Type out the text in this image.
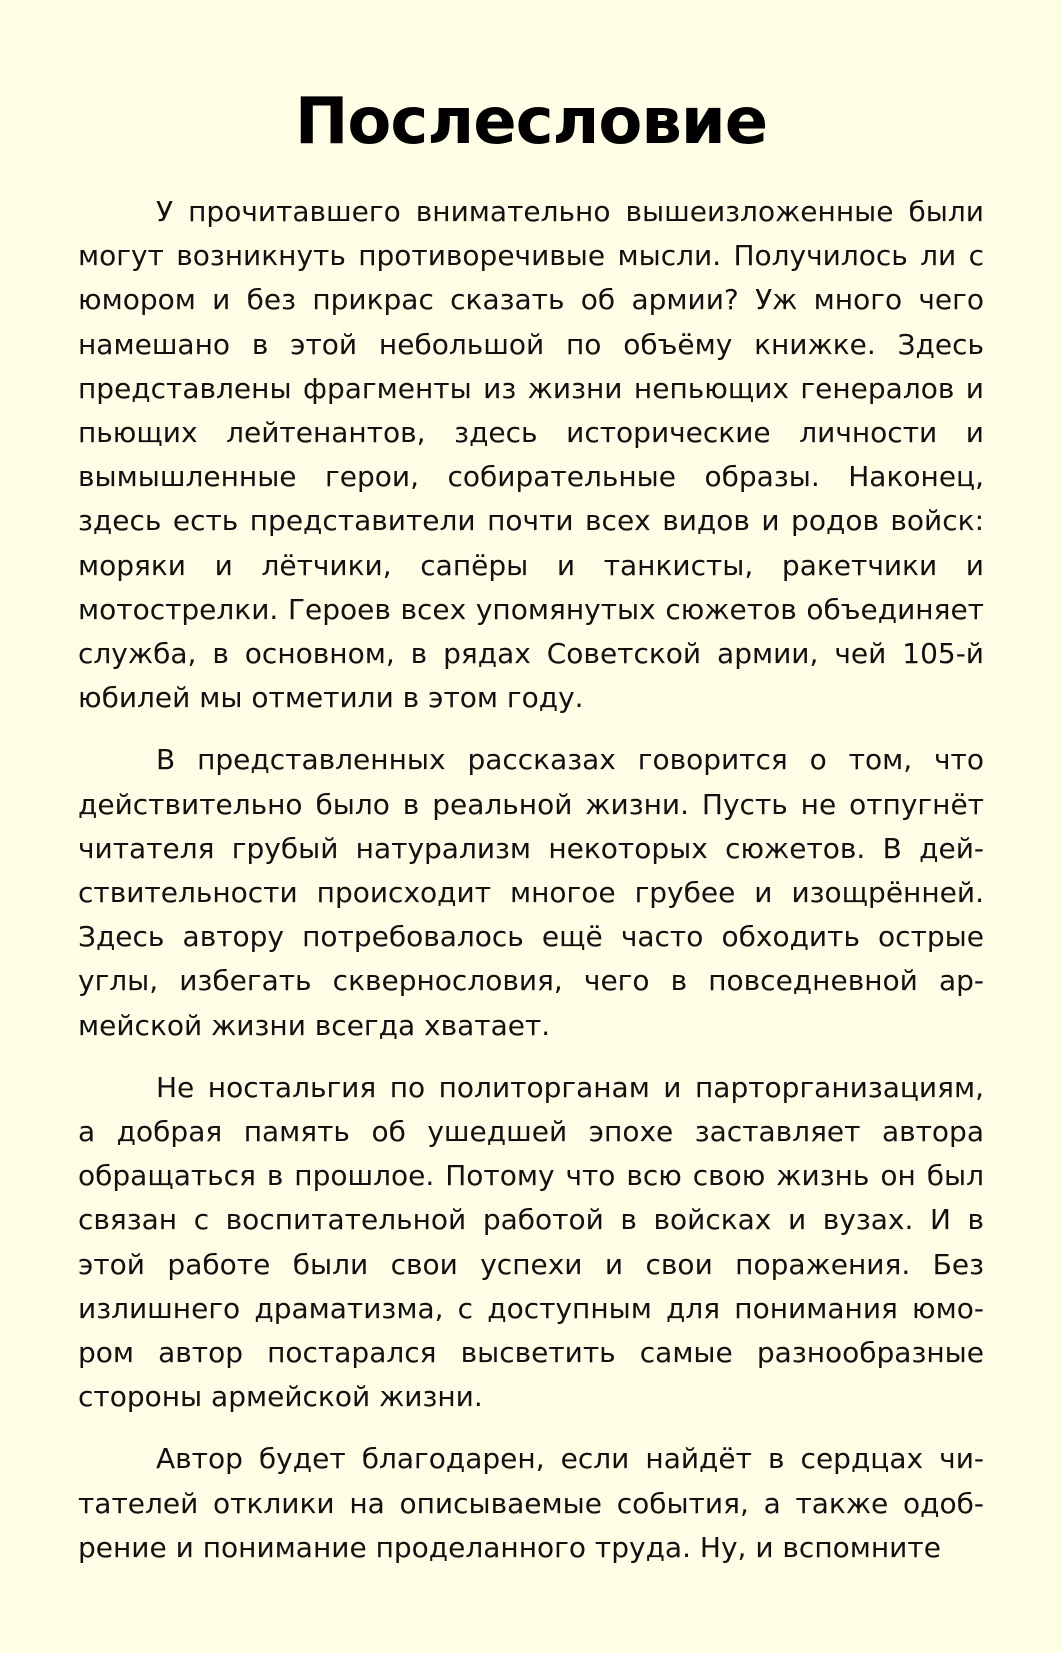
Послесловие

У прочитавшего внимательно вышеизложенные были могут возникнуть противоречивые мысли. Получилось ли с юмором и без прикрас сказать об армии? Уж много чего намешано в этой небольшой по объёму книжке. Здесь представлены фрагменты из жизни непьющих генералов и пьющих лейтенантов, здесь исторические личности и вымышленные герои, собирательные образы. Наконец, здесь есть представители почти всех видов и родов войск: моряки и лётчики, сапёры и танкисты, ракетчики и мотострелки. Героев всех упомянутых сюжетов объединяет служба, в основном, в рядах Советской армии, чей 105-й юбилей мы отметили в этом году.

В представленных рассказах говорится о том, что действительно было в реальной жизни. Пусть не отпугнёт читателя грубый натурализм некоторых сюжетов. В действительности происходит многое грубее и изощрённей. Здесь автору потребовалось ещё часто обходить острые углы, избегать сквернословия, чего в повседневной армейской жизни всегда хватает.

Не ностальгия по политорганам и парторганизациям, а добрая память об ушедшей эпохе заставляет автора обращаться в прошлое. Потому что всю свою жизнь он был связан с воспитательной работой в войсках и вузах. И в этой работе были свои успехи и свои поражения. Без излишнего драматизма, с доступным для понимания юмором автор постарался высветить самые разнообразные стороны армейской жизни.

Автор будет благодарен, если найдёт в сердцах читателей отклики на описываемые события, а также одобрение и понимание проделанного труда. Ну, и вспомните
